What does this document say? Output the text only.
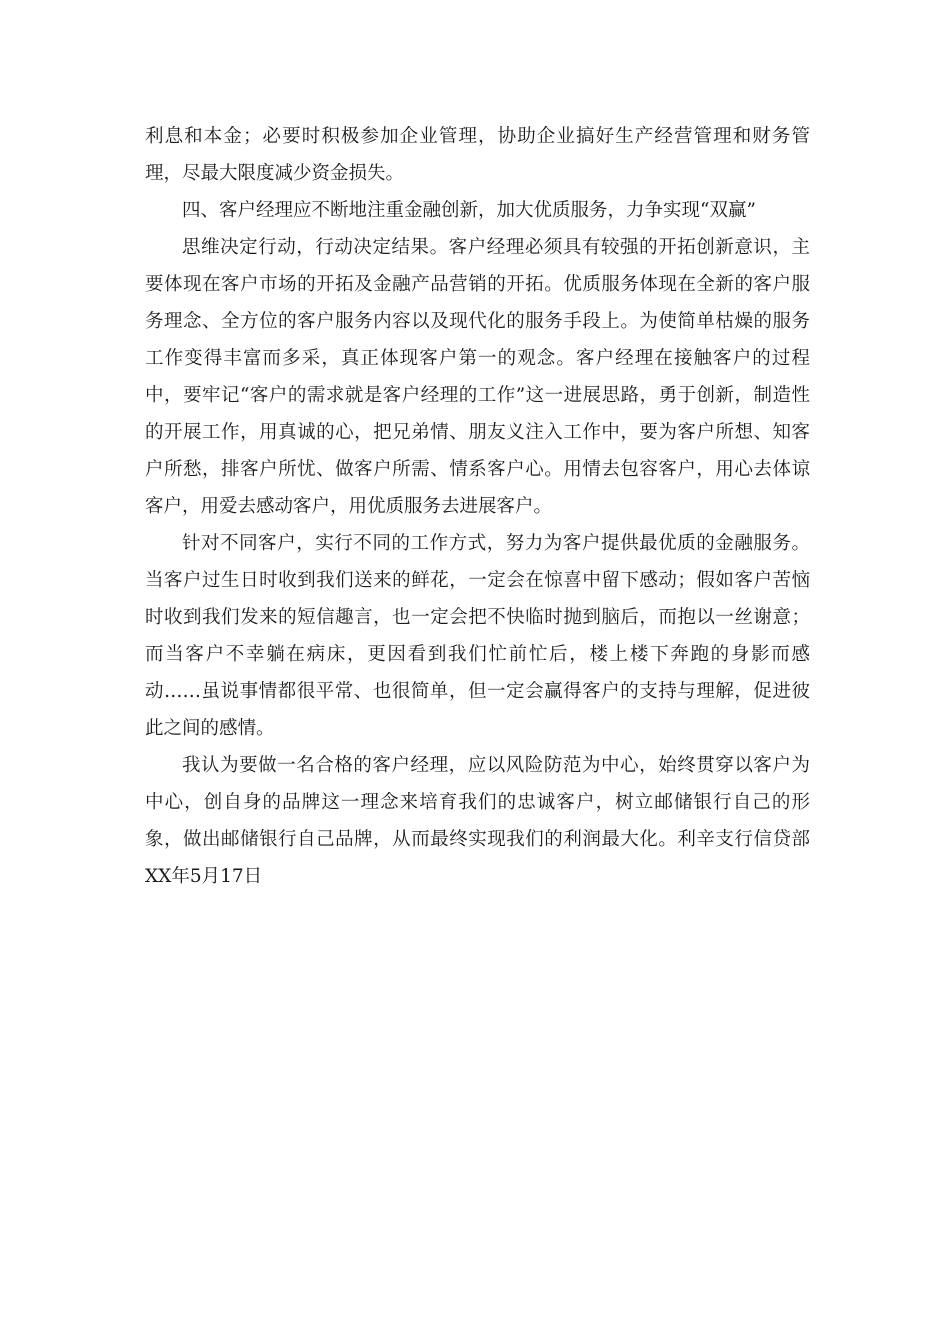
利息和本金；必要时积极参加企业管理，协助企业搞好生产经营管理和财务管理，尽最大限度减少资金损失。

四、客户经理应不断地注重金融创新，加大优质服务，力争实现“双赢”

思维决定行动，行动决定结果。客户经理必须具有较强的开拓创新意识，主要体现在客户市场的开拓及金融产品营销的开拓。优质服务体现在全新的客户服务理念、全方位的客户服务内容以及现代化的服务手段上。为使简单枯燥的服务工作变得丰富而多采，真正体现客户第一的观念。客户经理在接触客户的过程中，要牢记“客户的需求就是客户经理的工作”这一进展思路，勇于创新，制造性的开展工作，用真诚的心，把兄弟情、朋友义注入工作中，要为客户所想、知客户所愁，排客户所忧、做客户所需、情系客户心。用情去包容客户，用心去体谅客户，用爱去感动客户，用优质服务去进展客户。

针对不同客户，实行不同的工作方式，努力为客户提供最优质的金融服务。当客户过生日时收到我们送来的鲜花，一定会在惊喜中留下感动；假如客户苦恼时收到我们发来的短信趣言，也一定会把不快临时抛到脑后，而抱以一丝谢意；而当客户不幸躺在病床，更因看到我们忙前忙后，楼上楼下奔跑的身影而感动……虽说事情都很平常、也很简单，但一定会赢得客户的支持与理解，促进彼此之间的感情。

我认为要做一名合格的客户经理，应以风险防范为中心，始终贯穿以客户为中心，创自身的品牌这一理念来培育我们的忠诚客户，树立邮储银行自己的形象，做出邮储银行自己品牌，从而最终实现我们的利润最大化。利辛支行信贷部XX年5月17日
